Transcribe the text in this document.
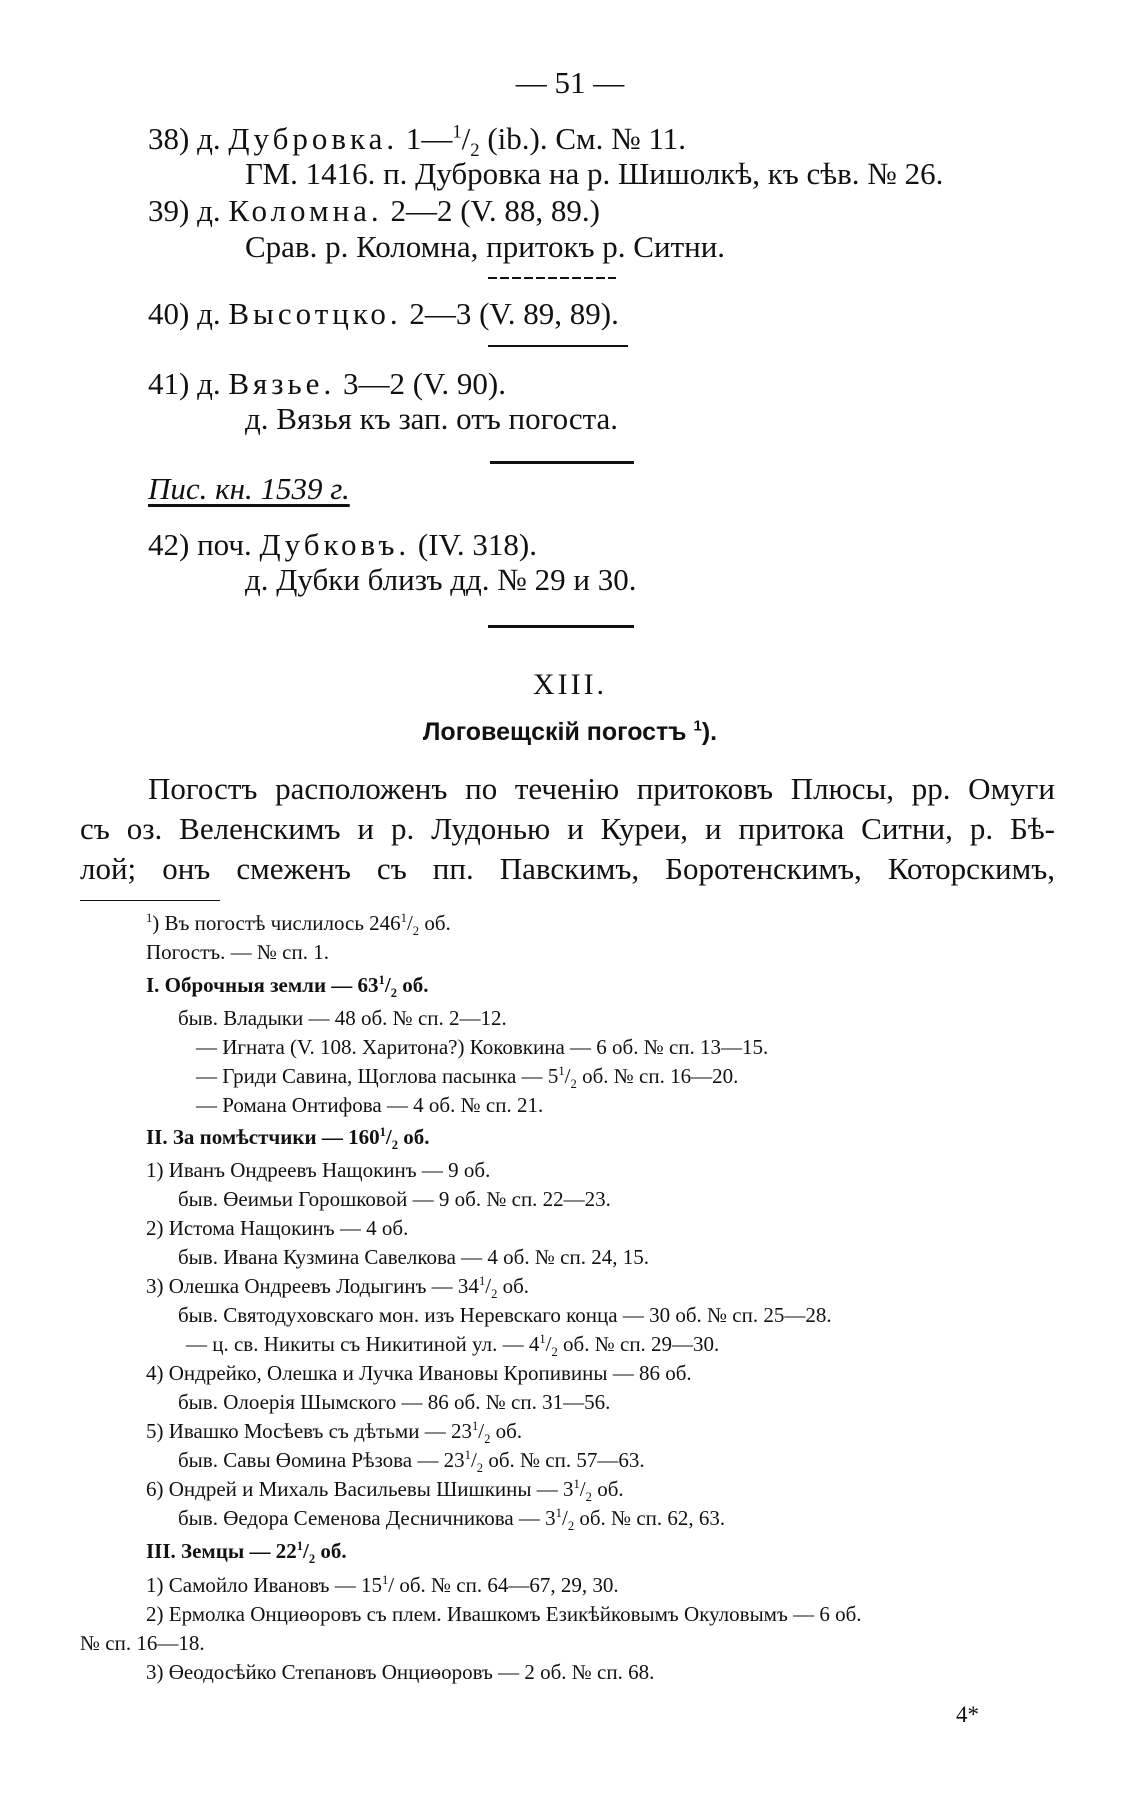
— 51 —
38) д. Дубровка. $1—^1/_2$ (ib.). См. № 11.
ГМ. 1416. п. Дубровка на р. Шишолкѣ, къ сѣв. № 26.
39) д. Коломна. 2—2 (V. 88, 89.)
Срав. р. Коломна, притокъ р. Ситни.
40) д. Высотцко. 2—3 (V. 89, 89).
41) д. Вязье. 3—2 (V. 90).
д. Вязья къ зап. отъ погоста.
Пис. кн. 1539 г.
42) поч. Дубковъ. (IV. 318).
д. Дубки близъ дд. № 29 и 30.
XIII.
Логовещскій погостъ $^1$).
Погостъ расположенъ по теченію притоковъ Плюсы, рр. Омуги
съ оз. Веленскимъ и р. Лудонью и Куреи, и притока Ситни, р. Бѣ-
лой; онъ смеженъ съ пп. Павскимъ, Боротенскимъ, Которскимъ,
$^1$) Въ погостѣ числилось $246^1/_2$ об.
Погостъ. — № сп. 1.
I. Оброчныя земли — $63^1/_2$ об.
быв. Владыки — 48 об. № сп. 2—12.
— Игната (V. 108. Харитона?) Коковкина — 6 об. № сп. 13—15.
— Гриди Савина, Щоглова пасынка — $5^1/_2$ об. № сп. 16—20.
— Романа Онтифова — 4 об. № сп. 21.
II. За помѣстчики — $160^1/_2$ об.
1) Иванъ Ондреевъ Нащокинъ — 9 об.
быв. Өеимьи Горошковой — 9 об. № сп. 22—23.
2) Истома Нащокинъ — 4 об.
быв. Ивана Кузмина Савелкова — 4 об. № сп. 24, 15.
3) Олешка Ондреевъ Лодыгинъ — $34^1/_2$ об.
быв. Святодуховскаго мон. изъ Неревскаго конца — 30 об. № сп. 25—28.
— ц. св. Никиты съ Никитиной ул. — $4^1/_2$ об. № сп. 29—30.
4) Ондрейко, Олешка и Лучка Ивановы Кропивины — 86 об.
быв. Олоерія Шымского — 86 об. № сп. 31—56.
5) Ивашко Мосѣевъ съ дѣтьми — $23^1/_2$ об.
быв. Савы Өомина Рѣзова — $23^1/_2$ об. № сп. 57—63.
6) Ондрей и Михаль Васильевы Шишкины — $3^1/_2$ об.
быв. Өедора Семенова Десничникова — $3^1/_2$ об. № сп. 62, 63.
III. Земцы — $22^1/_2$ об.
1) Самойло Ивановъ — $15^1/$ об. № сп. 64—67, 29, 30.
2) Ермолка Онциөоровъ съ плем. Ивашкомъ Езикѣйковымъ Окуловымъ — 6 об.
№ сп. 16—18.
3) Өеодосѣйко Степановъ Онциөоровъ — 2 об. № сп. 68.
4*
